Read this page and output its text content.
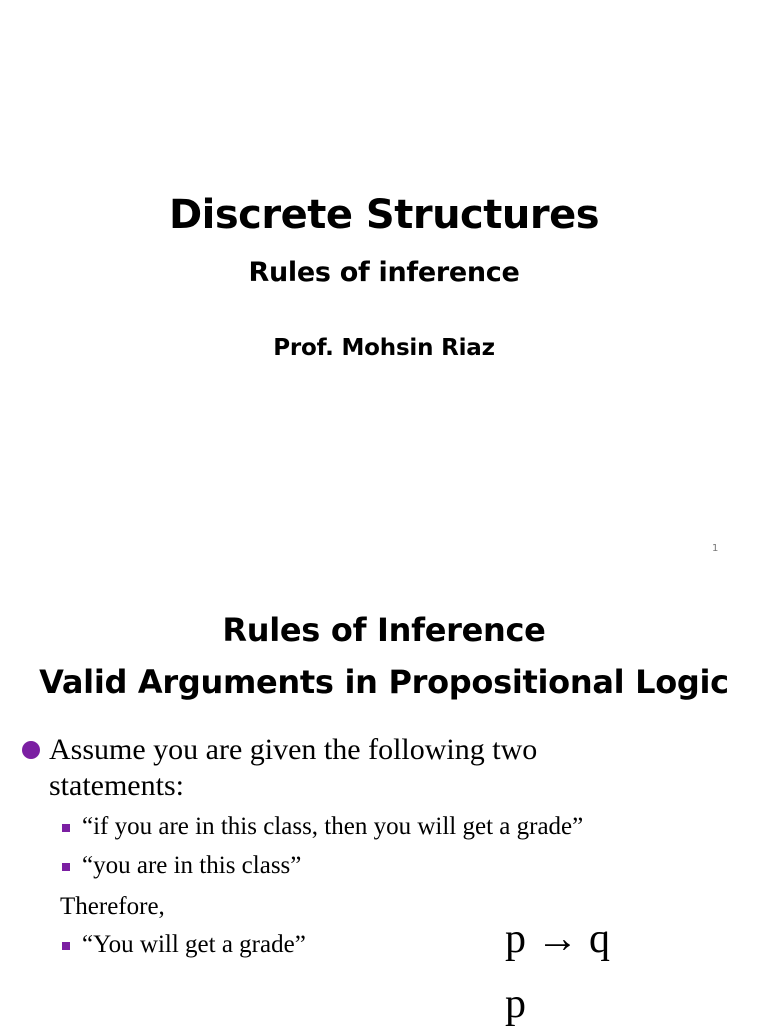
Discrete Structures
Rules of inference
Prof. Mohsin Riaz
1
Rules of Inference
Valid Arguments in Propositional Logic
Assume you are given the following two statements:
“if you are in this class, then you will get a grade”
“you are in this class”
Therefore,
“You will get a grade”	p → q
p
